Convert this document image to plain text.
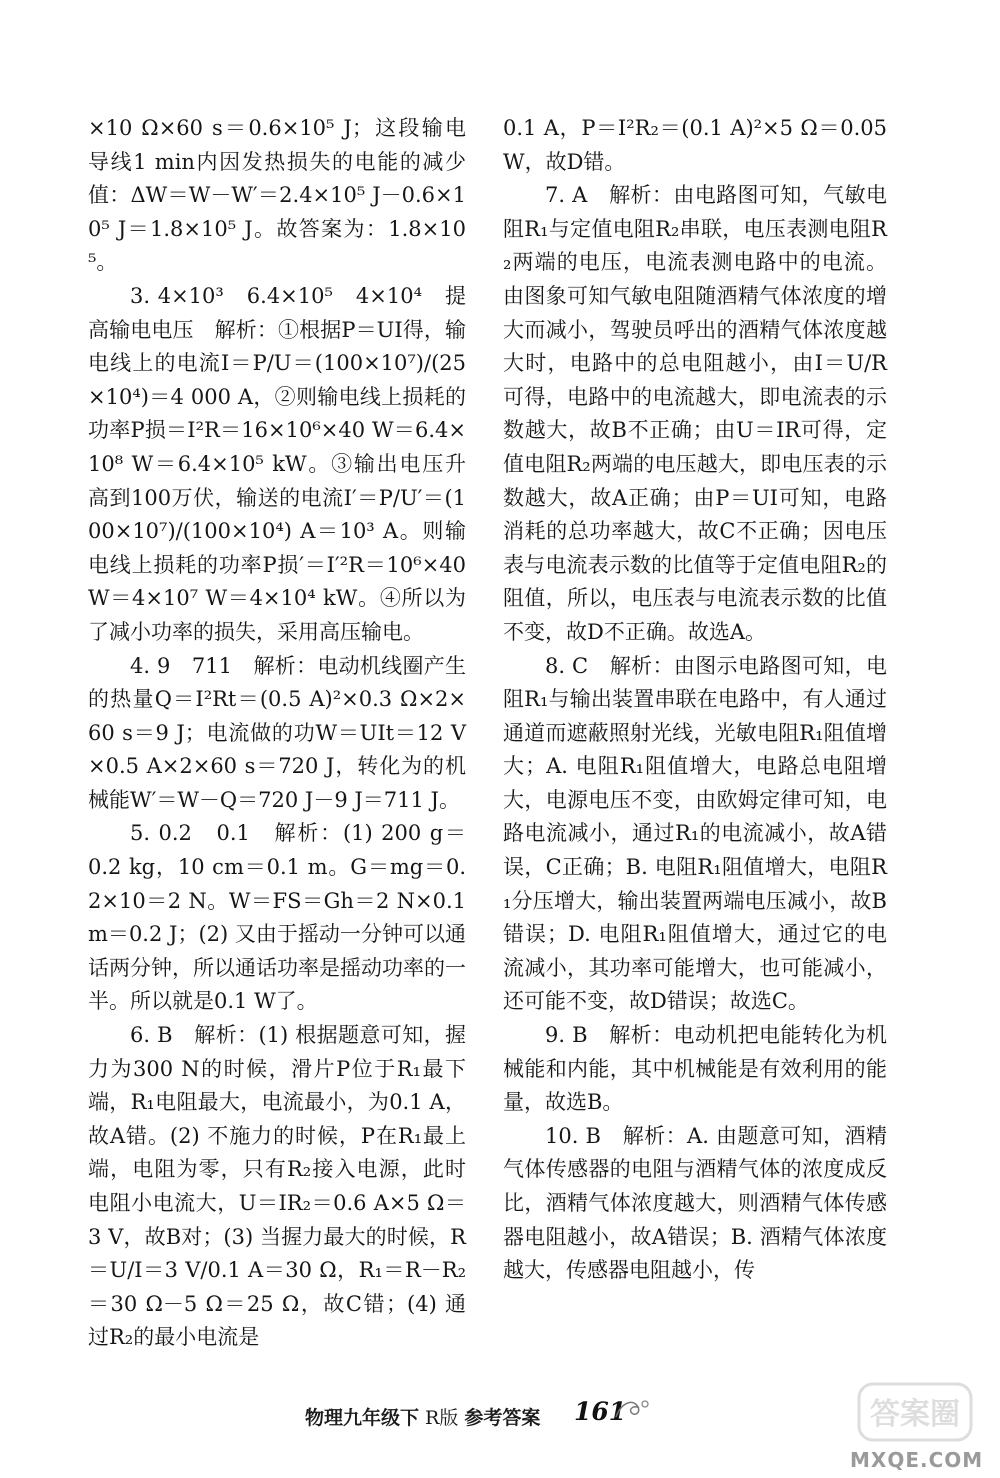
×10 Ω×60 s＝0.6×10⁵ J；这段输电导线1 min内因发热损失的电能的减少值：ΔW＝W－W′＝2.4×10⁵ J－0.6×10⁵ J＝1.8×10⁵ J。故答案为：1.8×10⁵。

3. 4×10³　6.4×10⁵　4×10⁴　提高输电电压　解析：①根据P＝UI得，输电线上的电流I＝P/U＝(100×10⁷)/(25×10⁴)＝4 000 A，②则输电线上损耗的功率P损＝I²R＝16×10⁶×40 W＝6.4×10⁸ W＝6.4×10⁵ kW。③输出电压升高到100万伏，输送的电流I′＝P/U′＝(100×10⁷)/(100×10⁴) A＝10³ A。则输电线上损耗的功率P损′＝I′²R＝10⁶×40 W＝4×10⁷ W＝4×10⁴ kW。④所以为了减小功率的损失，采用高压输电。

4. 9　711　解析：电动机线圈产生的热量Q＝I²Rt＝(0.5 A)²×0.3 Ω×2×60 s＝9 J；电流做的功W＝UIt＝12 V×0.5 A×2×60 s＝720 J，转化为的机械能W′＝W－Q＝720 J－9 J＝711 J。

5. 0.2　0.1　解析：(1) 200 g＝0.2 kg，10 cm＝0.1 m。G＝mg＝0.2×10＝2 N。W＝FS＝Gh＝2 N×0.1 m＝0.2 J；(2) 又由于摇动一分钟可以通话两分钟，所以通话功率是摇动功率的一半。所以就是0.1 W了。

6. B　解析：(1) 根据题意可知，握力为300 N的时候，滑片P位于R₁最下端，R₁电阻最大，电流最小，为0.1 A，故A错。(2) 不施力的时候，P在R₁最上端，电阻为零，只有R₂接入电源，此时电阻小电流大，U＝IR₂＝0.6 A×5 Ω＝3 V，故B对；(3) 当握力最大的时候，R＝U/I＝3 V/0.1 A＝30 Ω，R₁＝R－R₂＝30 Ω－5 Ω＝25 Ω，故C错；(4) 通过R₂的最小电流是

0.1 A，P＝I²R₂＝(0.1 A)²×5 Ω＝0.05 W，故D错。

7. A　解析：由电路图可知，气敏电阻R₁与定值电阻R₂串联，电压表测电阻R₂两端的电压，电流表测电路中的电流。由图象可知气敏电阻随酒精气体浓度的增大而减小，驾驶员呼出的酒精气体浓度越大时，电路中的总电阻越小，由I＝U/R可得，电路中的电流越大，即电流表的示数越大，故B不正确；由U＝IR可得，定值电阻R₂两端的电压越大，即电压表的示数越大，故A正确；由P＝UI可知，电路消耗的总功率越大，故C不正确；因电压表与电流表示数的比值等于定值电阻R₂的阻值，所以，电压表与电流表示数的比值不变，故D不正确。故选A。

8. C　解析：由图示电路图可知，电阻R₁与输出装置串联在电路中，有人通过通道而遮蔽照射光线，光敏电阻R₁阻值增大；A. 电阻R₁阻值增大，电路总电阻增大，电源电压不变，由欧姆定律可知，电路电流减小，通过R₁的电流减小，故A错误，C正确；B. 电阻R₁阻值增大，电阻R₁分压增大，输出装置两端电压减小，故B错误；D. 电阻R₁阻值增大，通过它的电流减小，其功率可能增大，也可能减小，还可能不变，故D错误；故选C。

9. B　解析：电动机把电能转化为机械能和内能，其中机械能是有效利用的能量，故选B。

10. B　解析：A. 由题意可知，酒精气体传感器的电阻与酒精气体的浓度成反比，酒精气体浓度越大，则酒精气体传感器电阻越小，故A错误；B. 酒精气体浓度越大，传感器电阻越小，传

物理九年级下 R版 参考答案 161	答案圈
MXQE.COM
